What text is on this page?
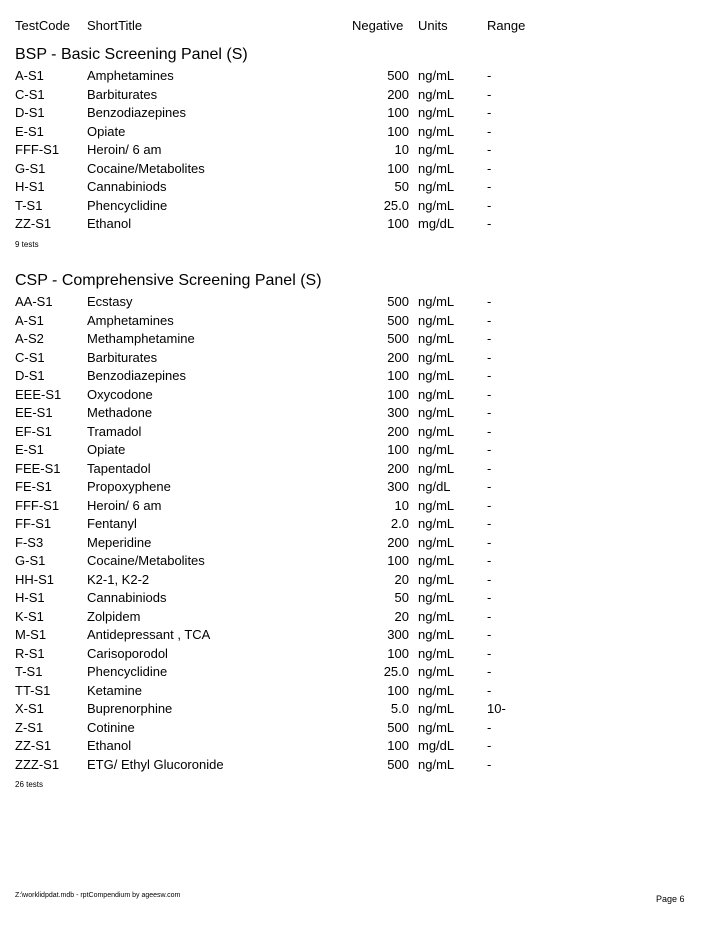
TestCode ShortTitle	Negative Units	Range
BSP - Basic Screening Panel (S)
A-S1	Amphetamines	500 ng/mL	-
C-S1	Barbiturates	200 ng/mL	-
D-S1	Benzodiazepines	100 ng/mL	-
E-S1	Opiate	100 ng/mL	-
FFF-S1 Heroin/ 6 am	10 ng/mL	-
G-S1	Cocaine/Metabolites	100 ng/mL	-
H-S1	Cannabiniods	50 ng/mL	-
T-S1	Phencyclidine	25.0 ng/mL	-
ZZ-S1	Ethanol	100 mg/dL	-
9 tests
CSP - Comprehensive Screening Panel (S)
AA-S1	Ecstasy	500 ng/mL	-
A-S1	Amphetamines	500 ng/mL	-
A-S2	Methamphetamine	500 ng/mL	-
C-S1	Barbiturates	200 ng/mL	-
D-S1	Benzodiazepines	100 ng/mL	-
EEE-S1 Oxycodone	100 ng/mL	-
EE-S1	Methadone	300 ng/mL	-
EF-S1	Tramadol	200 ng/mL	-
E-S1	Opiate	100 ng/mL	-
FEE-S1 Tapentadol	200 ng/mL	-
FE-S1	Propoxyphene	300 ng/dL	-
FFF-S1 Heroin/ 6 am	10 ng/mL	-
FF-S1	Fentanyl	2.0 ng/mL	-
F-S3	Meperidine	200 ng/mL	-
G-S1	Cocaine/Metabolites	100 ng/mL	-
HH-S1	K2-1, K2-2	20 ng/mL	-
H-S1	Cannabiniods	50 ng/mL	-
K-S1	Zolpidem	20 ng/mL	-
M-S1	Antidepressant , TCA	300 ng/mL	-
R-S1	Carisoporodol	100 ng/mL	-
T-S1	Phencyclidine	25.0 ng/mL	-
TT-S1	Ketamine	100 ng/mL	-
X-S1	Buprenorphine	5.0 ng/mL	10-
Z-S1	Cotinine	500 ng/mL	-
ZZ-S1	Ethanol	100 mg/dL	-
ZZZ-S1 ETG/ Ethyl Glucoronide	500 ng/mL	-
26 tests
Z:\worklidpdat.mdb - rptCompendium by ageesw.com	Page 6
